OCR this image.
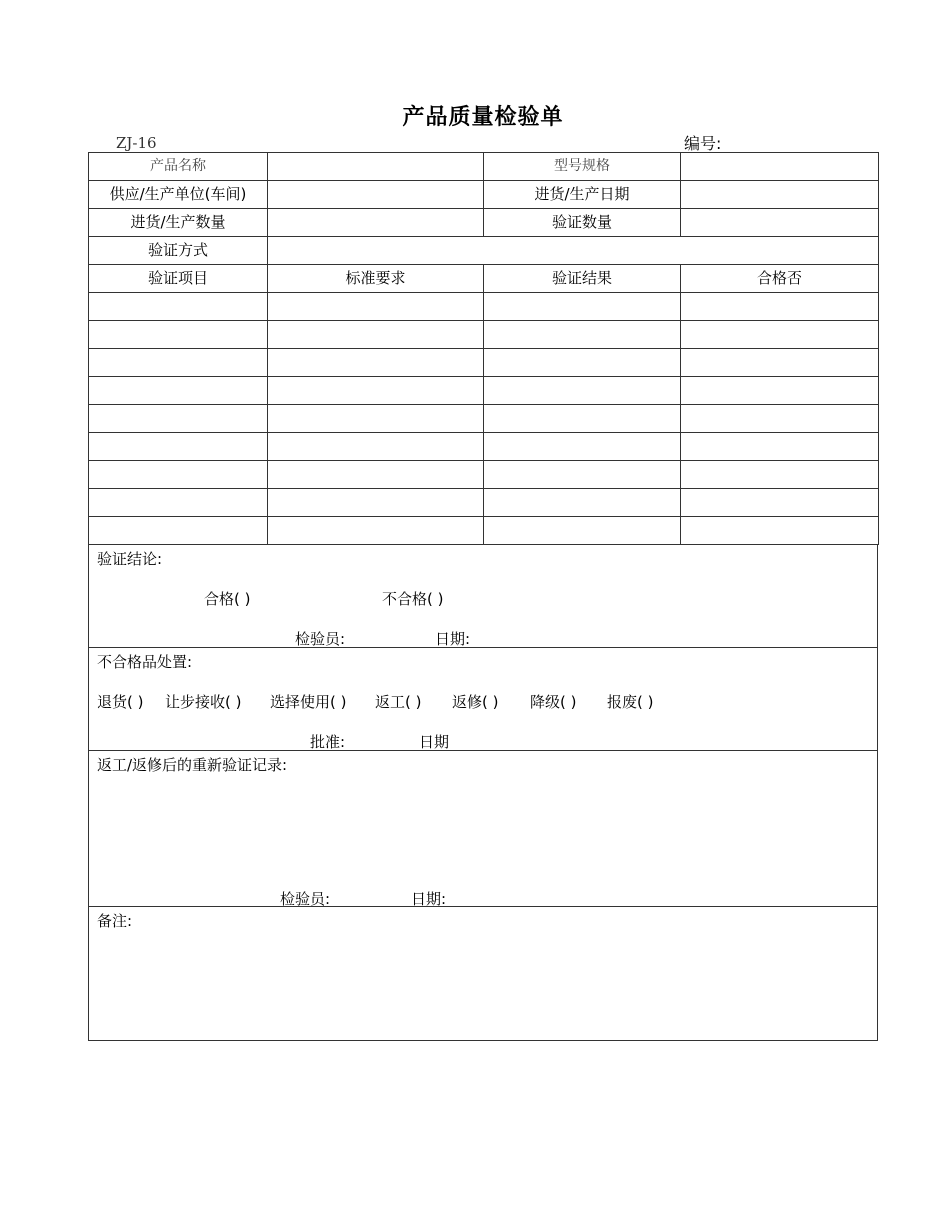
产品质量检验单
ZJ-16	编号:
产品名称		型号规格	
供应/生产单位(车间)		进货/生产日期	
进货/生产数量		验证数量	
验证方式			
验证项目	标准要求	验证结果	合格否

验证结论:
合格( )	不合格( )
检验员:	日期:
不合格品处置:
退货( ) 让步接收( ) 选择使用( ) 返工( ) 返修( ) 降级( ) 报废( )
批准:	日期
返工/返修后的重新验证记录:
检验员:	日期:
备注:
